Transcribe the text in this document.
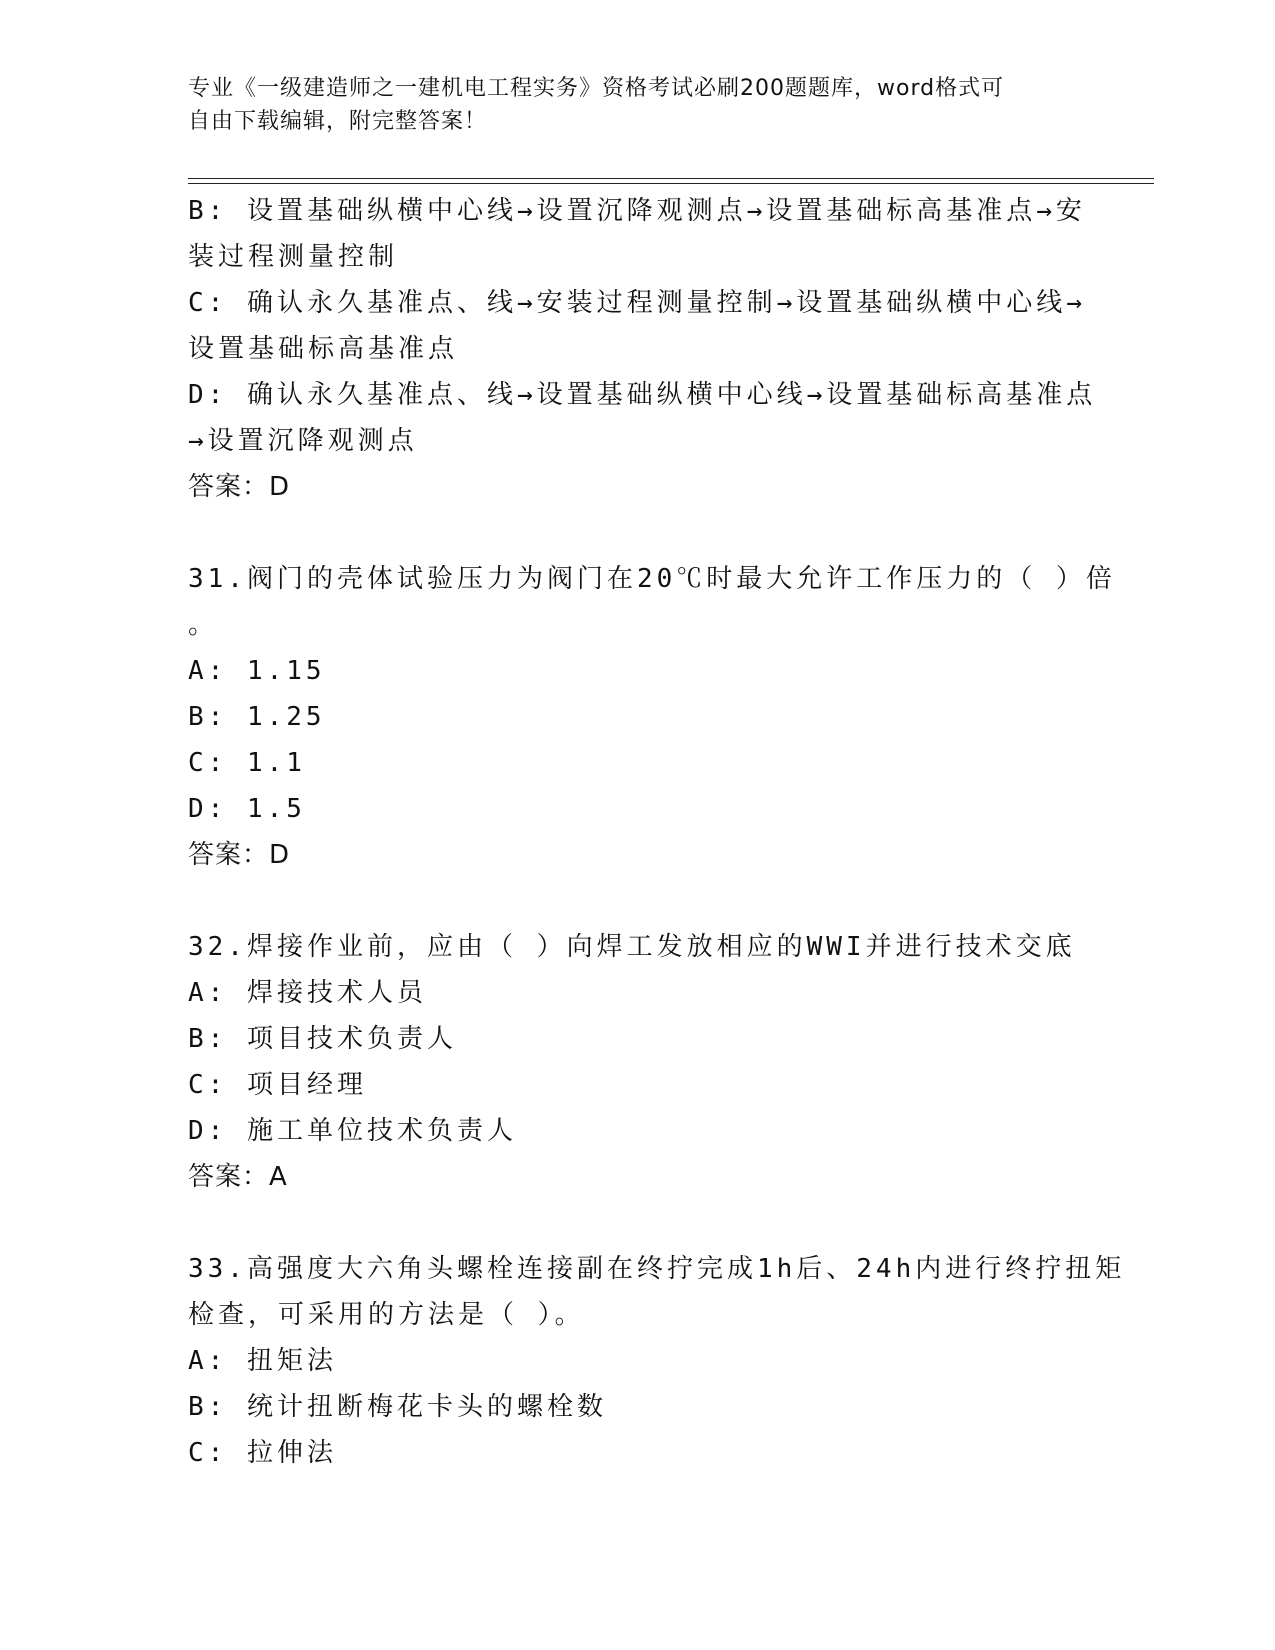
专业《一级建造师之一建机电工程实务》资格考试必刷200题题库，word格式可
自由下载编辑，附完整答案！
B: 设置基础纵横中心线→设置沉降观测点→设置基础标高基准点→安
装过程测量控制
C: 确认永久基准点、线→安装过程测量控制→设置基础纵横中心线→
设置基础标高基准点
D: 确认永久基准点、线→设置基础纵横中心线→设置基础标高基准点
→设置沉降观测点
答案：D
31.阀门的壳体试验压力为阀门在20℃时最大允许工作压力的（ ）倍
。
A: 1.15
B: 1.25
C: 1.1
D: 1.5
答案：D
32.焊接作业前，应由（ ）向焊工发放相应的WWI并进行技术交底
A: 焊接技术人员
B: 项目技术负责人
C: 项目经理
D: 施工单位技术负责人
答案：A
33.高强度大六角头螺栓连接副在终拧完成1h后、24h内进行终拧扭矩
检查，可采用的方法是（ ）。
A: 扭矩法
B: 统计扭断梅花卡头的螺栓数
C: 拉伸法
